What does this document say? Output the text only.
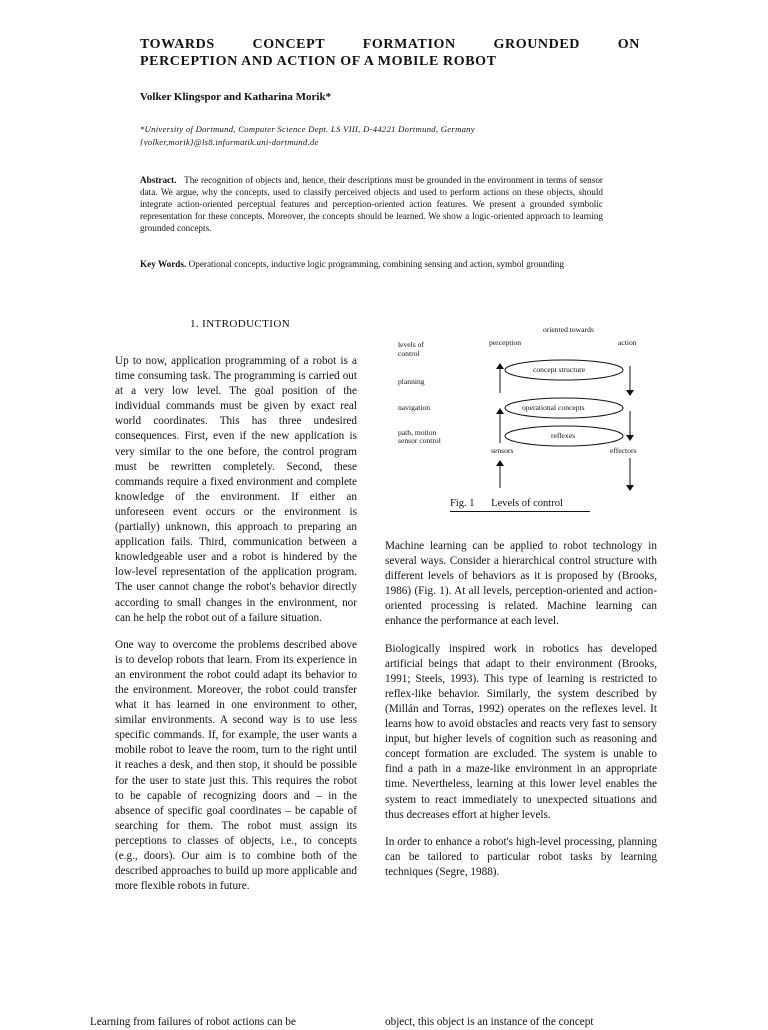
TOWARDS CONCEPT FORMATION GROUNDED ON
PERCEPTION AND ACTION OF A MOBILE ROBOT
Volker Klingspor and Katharina Morik*
*University of Dortmund, Computer Science Dept. LS VIII, D-44221 Dortmund, Germany
{volker,morik}@ls8.informatik.uni-dortmund.de
Abstract. The recognition of objects and, hence, their descriptions must be grounded in the environment in terms of sensor data. We argue, why the concepts, used to classify perceived objects and used to perform actions on these objects, should integrate action-oriented perceptual features and perception-oriented action features. We present a grounded symbolic representation for these concepts. Moreover, the concepts should be learned. We show a logic-oriented approach to learning grounded concepts.
Key Words. Operational concepts, inductive logic programming, combining sensing and action, symbol grounding
1. INTRODUCTION

Up to now, application programming of a robot is a time consuming task. The programming is carried out at a very low level. The goal position of the individual commands must be given by exact real world coordinates. This has three undesired consequences. First, even if the new application is very similar to the one before, the control program must be rewritten completely. Second, these commands require a fixed environment and complete knowledge of the environment. If either an unforeseen event occurs or the environment is (partially) unknown, this approach to preparing an application fails. Third, communication between a knowledgeable user and a robot is hindered by the low-level representation of the application program. The user cannot change the robot's behavior directly according to small changes in the environment, nor can he help the robot out of a failure situation.

One way to overcome the problems described above is to develop robots that learn. From its experience in an environment the robot could adapt its behavior to the environment. Moreover, the robot could transfer what it has learned in one environment to other, similar environments. A second way is to use less specific commands. If, for example, the user wants a mobile robot to leave the room, turn to the right until it reaches a desk, and then stop, it should be possible for the user to state just this. This requires the robot to be capable of recognizing doors and – in the absence of specific goal coordinates – be capable of searching for them. The robot must assign its perceptions to classes of objects, i.e., to concepts (e.g., doors). Our aim is to combine both of the described approaches to build up more applicable and more flexible robots in future.

oriented towards
perception	action
levels of
control
planning
navigation
path, motion
sensor control
concept structure
operational concepts
reflexes
sensors	effectors
Fig. 1 Levels of control

Machine learning can be applied to robot technology in several ways. Consider a hierarchical control structure with different levels of behaviors as it is proposed by (Brooks, 1986) (Fig. 1). At all levels, perception-oriented and action-oriented processing is related. Machine learning can enhance the performance at each level.

Biologically inspired work in robotics has developed artificial beings that adapt to their environment (Brooks, 1991; Steels, 1993). This type of learning is restricted to reflex-like behavior. Similarly, the system described by (Millán and Torras, 1992) operates on the reflexes level. It learns how to avoid obstacles and reacts very fast to sensory input, but higher levels of cognition such as reasoning and concept formation are excluded. The system is unable to find a path in a maze-like environment in an appropriate time. Nevertheless, learning at this lower level enables the system to react immediately to unexpected situations and thus decreases effort at higher levels.

In order to enhance a robot's high-level processing, planning can be tailored to particular robot tasks by learning techniques (Segre, 1988).

Learning from failures of robot actions can be	object, this object is an instance of the concept
